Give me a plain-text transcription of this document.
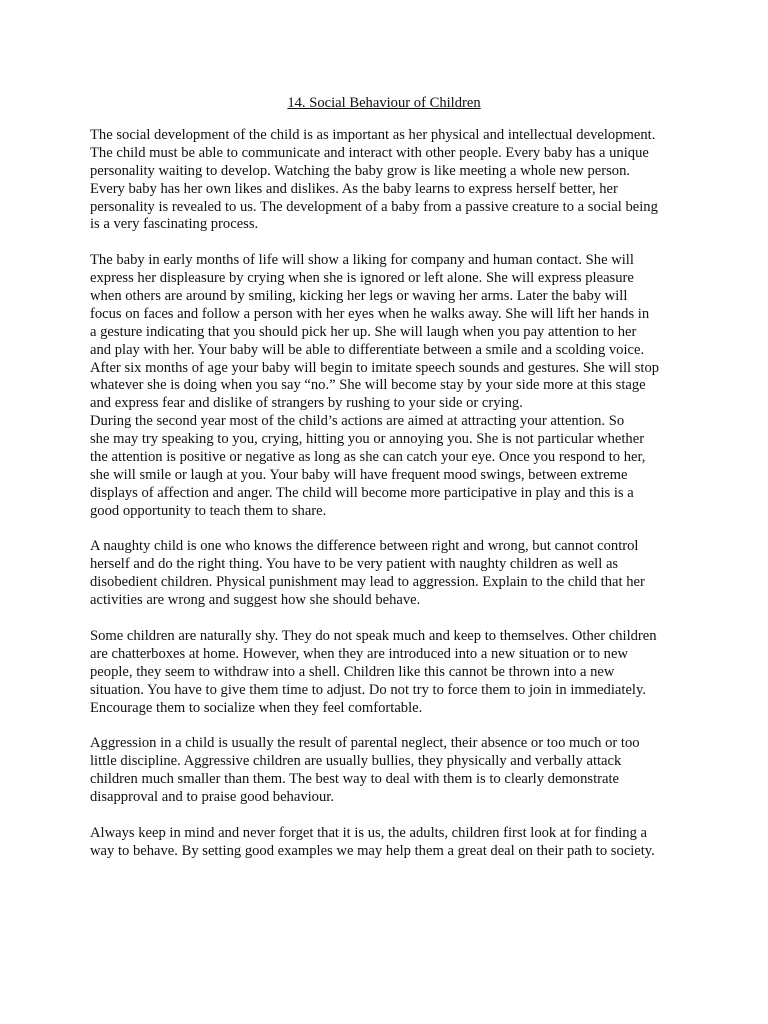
14. Social Behaviour of Children
The social development of the child is as important as her physical and intellectual development.
The child must be able to communicate and interact with other people. Every baby has a unique
personality waiting to develop. Watching the baby grow is like meeting a whole new person.
Every baby has her own likes and dislikes. As the baby learns to express herself better, her
personality is revealed to us. The development of a baby from a passive creature to a social being
is a very fascinating process.
The baby in early months of life will show a liking for company and human contact. She will
express her displeasure by crying when she is ignored or left alone. She will express pleasure
when others are around by smiling, kicking her legs or waving her arms. Later the baby will
focus on faces and follow a person with her eyes when he walks away. She will lift her hands in
a gesture indicating that you should pick her up. She will laugh when you pay attention to her
and play with her. Your baby will be able to differentiate between a smile and a scolding voice.
After six months of age your baby will begin to imitate speech sounds and gestures. She will stop
whatever she is doing when you say “no.” She will become stay by your side more at this stage
and express fear and dislike of strangers by rushing to your side or crying.
During the second year most of the child’s actions are aimed at attracting your attention. So
she may try speaking to you, crying, hitting you or annoying you. She is not particular whether
the attention is positive or negative as long as she can catch your eye. Once you respond to her,
she will smile or laugh at you. Your baby will have frequent mood swings, between extreme
displays of affection and anger. The child will become more participative in play and this is a
good opportunity to teach them to share.
A naughty child is one who knows the difference between right and wrong, but cannot control
herself and do the right thing. You have to be very patient with naughty children as well as
disobedient children. Physical punishment may lead to aggression. Explain to the child that her
activities are wrong and suggest how she should behave.
Some children are naturally shy. They do not speak much and keep to themselves. Other children
are chatterboxes at home. However, when they are introduced into a new situation or to new
people, they seem to withdraw into a shell. Children like this cannot be thrown into a new
situation. You have to give them time to adjust. Do not try to force them to join in immediately.
Encourage them to socialize when they feel comfortable.
Aggression in a child is usually the result of parental neglect, their absence or too much or too
little discipline. Aggressive children are usually bullies, they physically and verbally attack
children much smaller than them. The best way to deal with them is to clearly demonstrate
disapproval and to praise good behaviour.
Always keep in mind and never forget that it is us, the adults, children first look at for finding a
way to behave. By setting good examples we may help them a great deal on their path to society.
